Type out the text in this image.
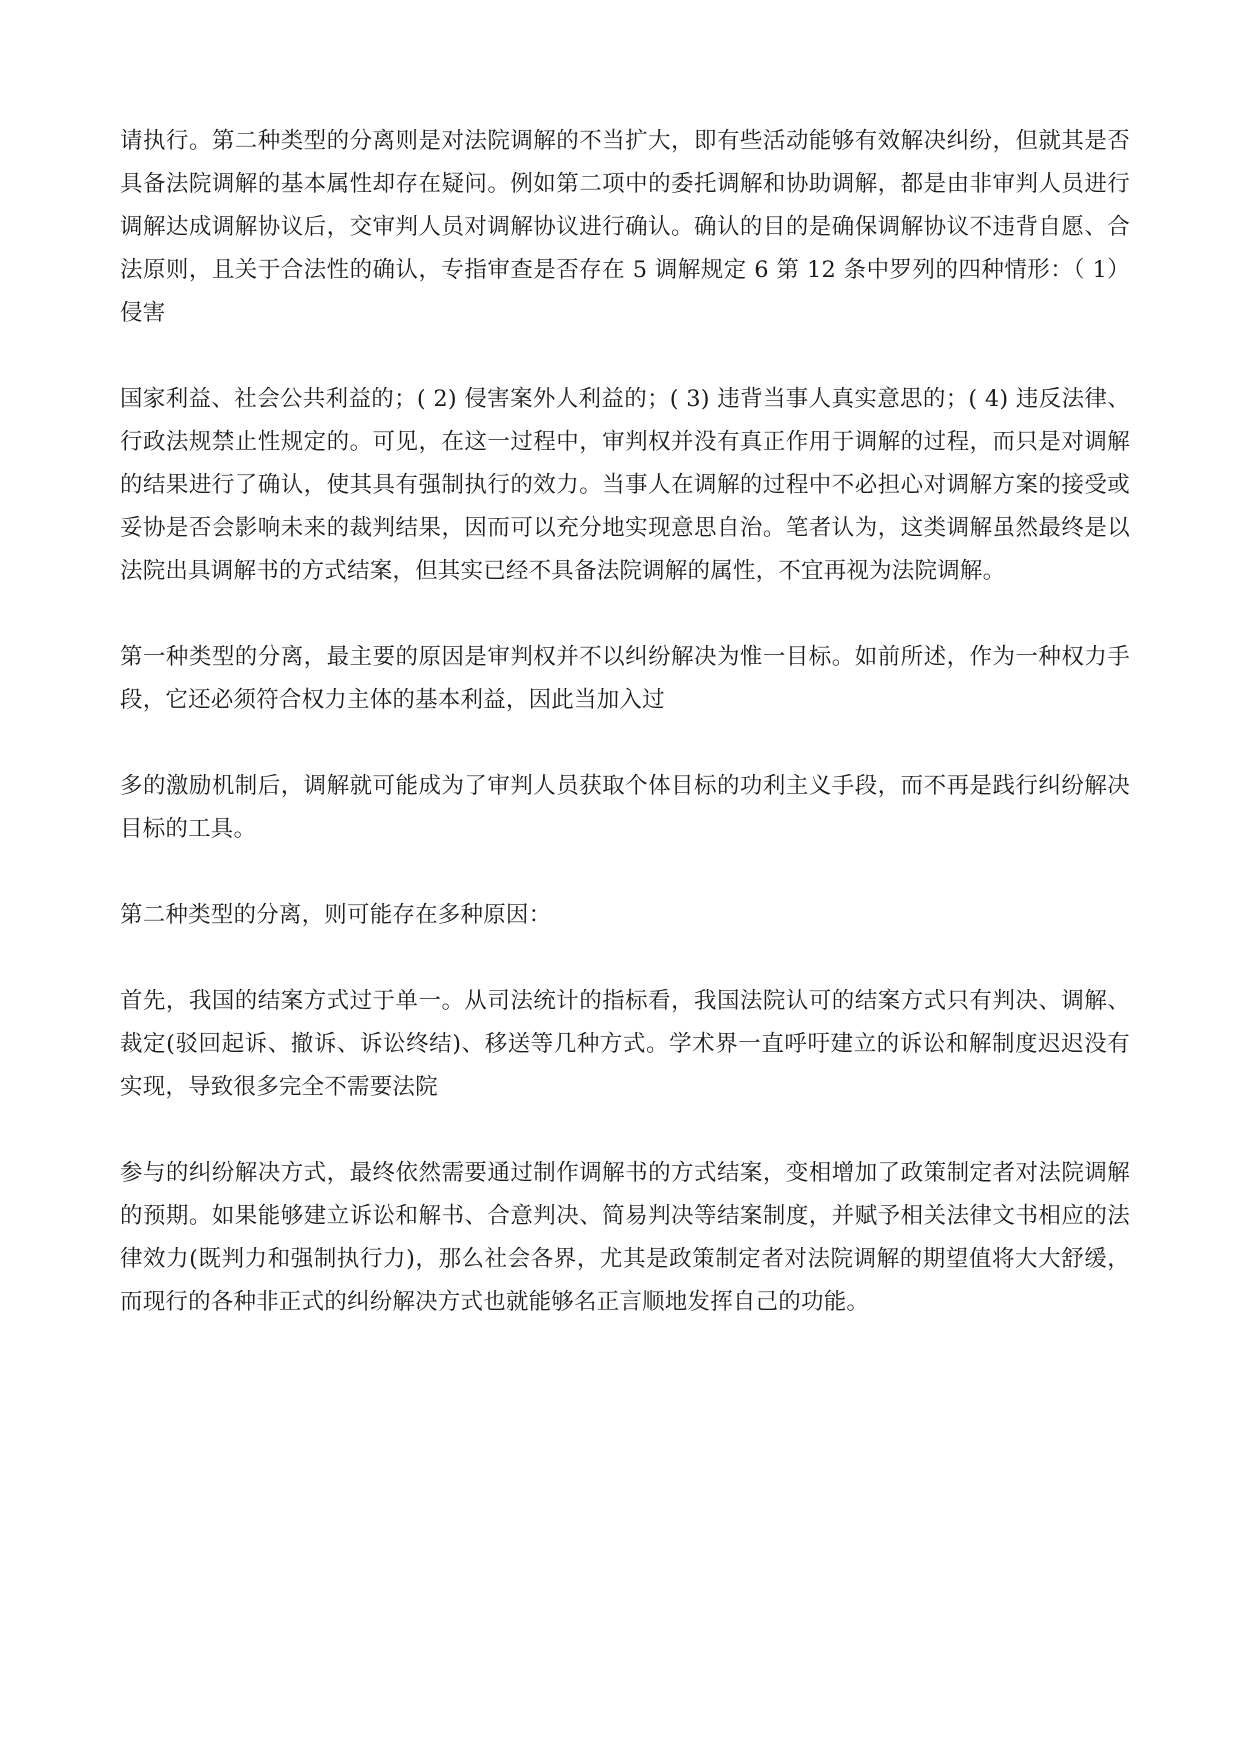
请执行。第二种类型的分离则是对法院调解的不当扩大，即有些活动能够有效解决纠纷，但就其是否具备法院调解的基本属性却存在疑问。例如第二项中的委托调解和协助调解，都是由非审判人员进行调解达成调解协议后，交审判人员对调解协议进行确认。确认的目的是确保调解协议不违背自愿、合法原则，且关于合法性的确认，专指审查是否存在 5 调解规定 6 第 12 条中罗列的四种情形：（ 1） 侵害

国家利益、社会公共利益的；( 2) 侵害案外人利益的；( 3) 违背当事人真实意思的；( 4) 违反法律、行政法规禁止性规定的。可见，在这一过程中，审判权并没有真正作用于调解的过程，而只是对调解的结果进行了确认，使其具有强制执行的效力。当事人在调解的过程中不必担心对调解方案的接受或妥协是否会影响未来的裁判结果，因而可以充分地实现意思自治。笔者认为，这类调解虽然最终是以法院出具调解书的方式结案，但其实已经不具备法院调解的属性，不宜再视为法院调解。

第一种类型的分离，最主要的原因是审判权并不以纠纷解决为惟一目标。如前所述，作为一种权力手段，它还必须符合权力主体的基本利益，因此当加入过

多的激励机制后，调解就可能成为了审判人员获取个体目标的功利主义手段，而不再是践行纠纷解决目标的工具。

第二种类型的分离，则可能存在多种原因：

首先，我国的结案方式过于单一。从司法统计的指标看，我国法院认可的结案方式只有判决、调解、裁定(驳回起诉、撤诉、诉讼终结)、移送等几种方式。学术界一直呼吁建立的诉讼和解制度迟迟没有实现，导致很多完全不需要法院

参与的纠纷解决方式，最终依然需要通过制作调解书的方式结案，变相增加了政策制定者对法院调解的预期。如果能够建立诉讼和解书、合意判决、简易判决等结案制度，并赋予相关法律文书相应的法律效力(既判力和强制执行力)，那么社会各界，尤其是政策制定者对法院调解的期望值将大大舒缓，而现行的各种非正式的纠纷解决方式也就能够名正言顺地发挥自己的功能。
